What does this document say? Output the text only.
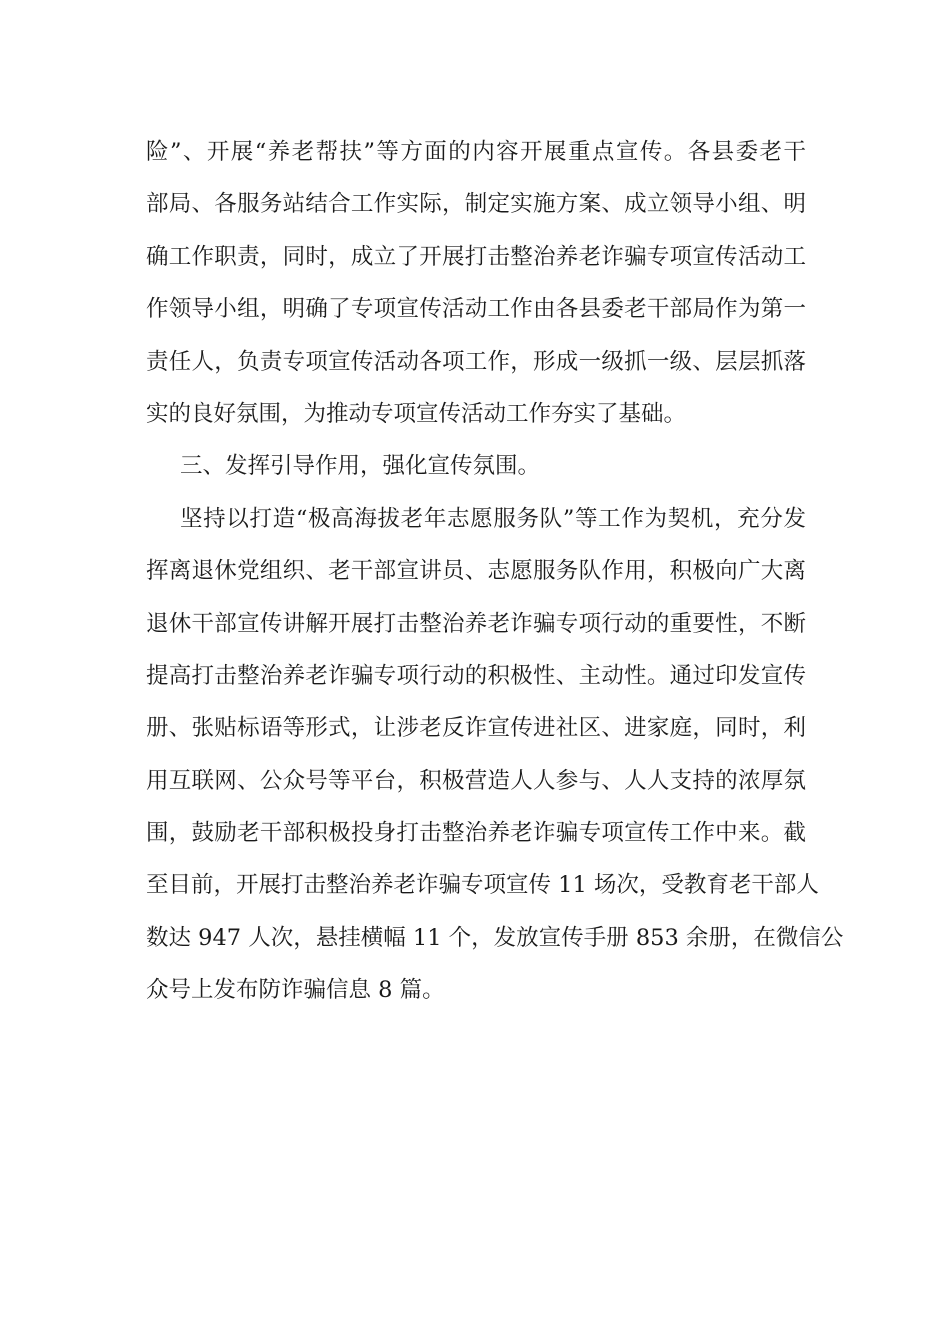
险”、开展“养老帮扶”等方面的内容开展重点宣传。各县委老干
部局、各服务站结合工作实际，制定实施方案、成立领导小组、明
确工作职责，同时，成立了开展打击整治养老诈骗专项宣传活动工
作领导小组，明确了专项宣传活动工作由各县委老干部局作为第一
责任人，负责专项宣传活动各项工作，形成一级抓一级、层层抓落
实的良好氛围，为推动专项宣传活动工作夯实了基础。
三、发挥引导作用，强化宣传氛围。
坚持以打造“极高海拔老年志愿服务队”等工作为契机，充分发
挥离退休党组织、老干部宣讲员、志愿服务队作用，积极向广大离
退休干部宣传讲解开展打击整治养老诈骗专项行动的重要性，不断
提高打击整治养老诈骗专项行动的积极性、主动性。通过印发宣传
册、张贴标语等形式，让涉老反诈宣传进社区、进家庭，同时，利
用互联网、公众号等平台，积极营造人人参与、人人支持的浓厚氛
围，鼓励老干部积极投身打击整治养老诈骗专项宣传工作中来。截
至目前，开展打击整治养老诈骗专项宣传 11 场次，受教育老干部人
数达 947 人次，悬挂横幅 11 个，发放宣传手册 853 余册，在微信公
众号上发布防诈骗信息 8 篇。
